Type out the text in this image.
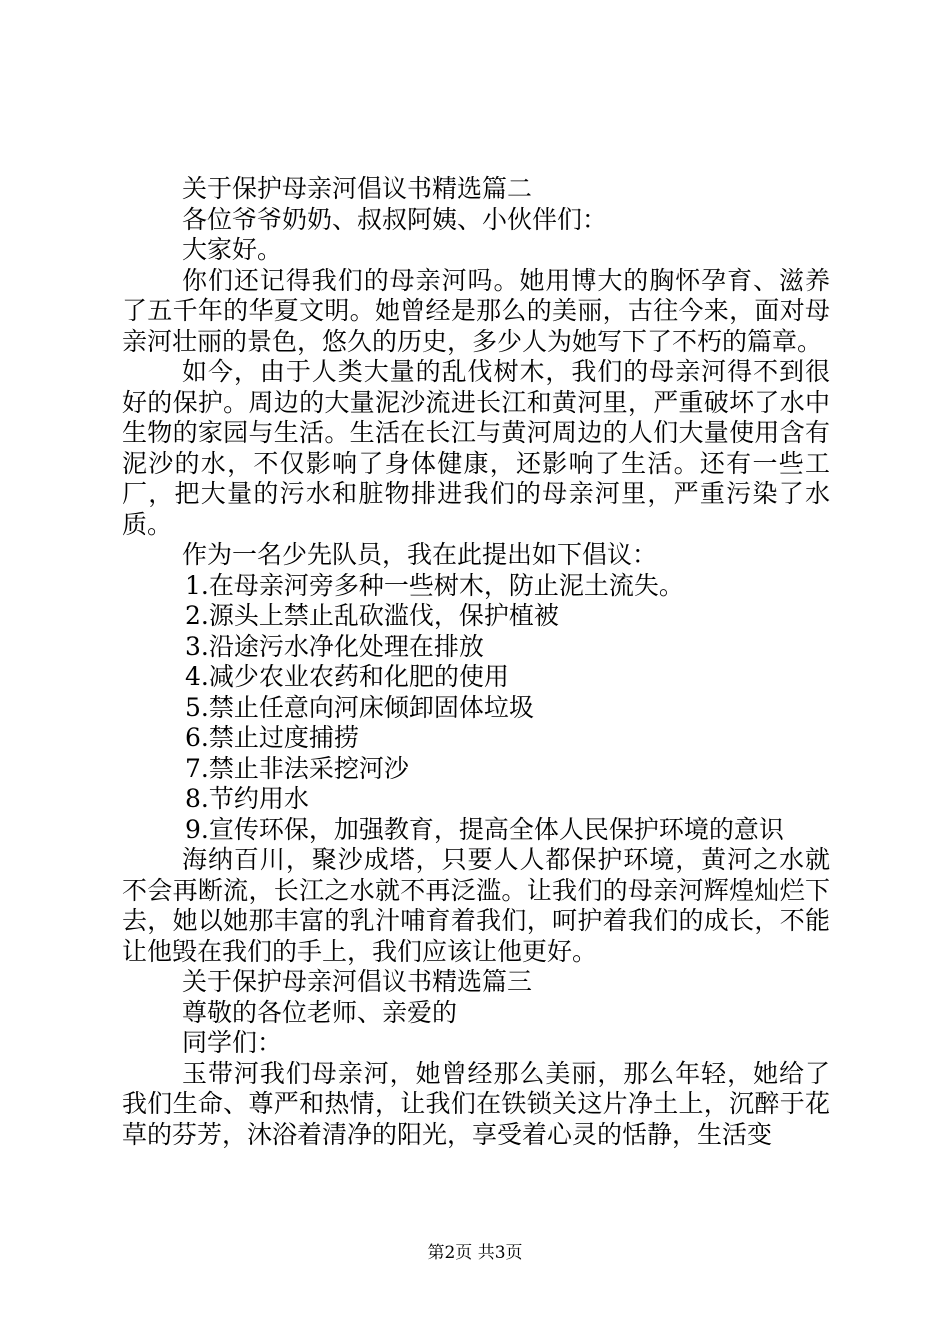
关于保护母亲河倡议书精选篇二

各位爷爷奶奶、叔叔阿姨、小伙伴们：

大家好。

你们还记得我们的母亲河吗。她用博大的胸怀孕育、滋养了五千年的华夏文明。她曾经是那么的美丽，古往今来，面对母亲河壮丽的景色，悠久的历史，多少人为她写下了不朽的篇章。

如今，由于人类大量的乱伐树木，我们的母亲河得不到很好的保护。周边的大量泥沙流进长江和黄河里，严重破坏了水中生物的家园与生活。生活在长江与黄河周边的人们大量使用含有泥沙的水，不仅影响了身体健康，还影响了生活。还有一些工厂，把大量的污水和脏物排进我们的母亲河里，严重污染了水质。

作为一名少先队员，我在此提出如下倡议：

1.在母亲河旁多种一些树木，防止泥土流失。

2.源头上禁止乱砍滥伐，保护植被

3.沿途污水净化处理在排放

4.减少农业农药和化肥的使用

5.禁止任意向河床倾卸固体垃圾

6.禁止过度捕捞

7.禁止非法采挖河沙

8.节约用水

9.宣传环保，加强教育，提高全体人民保护环境的意识

海纳百川，聚沙成塔，只要人人都保护环境，黄河之水就不会再断流，长江之水就不再泛滥。让我们的母亲河辉煌灿烂下去，她以她那丰富的乳汁哺育着我们，呵护着我们的成长，不能让他毁在我们的手上，我们应该让他更好。

关于保护母亲河倡议书精选篇三

尊敬的各位老师、亲爱的

同学们：

玉带河我们母亲河，她曾经那么美丽，那么年轻，她给了我们生命、尊严和热情，让我们在铁锁关这片净土上，沉醉于花草的芬芳，沐浴着清净的阳光，享受着心灵的恬静，生活变

第2页 共3页
